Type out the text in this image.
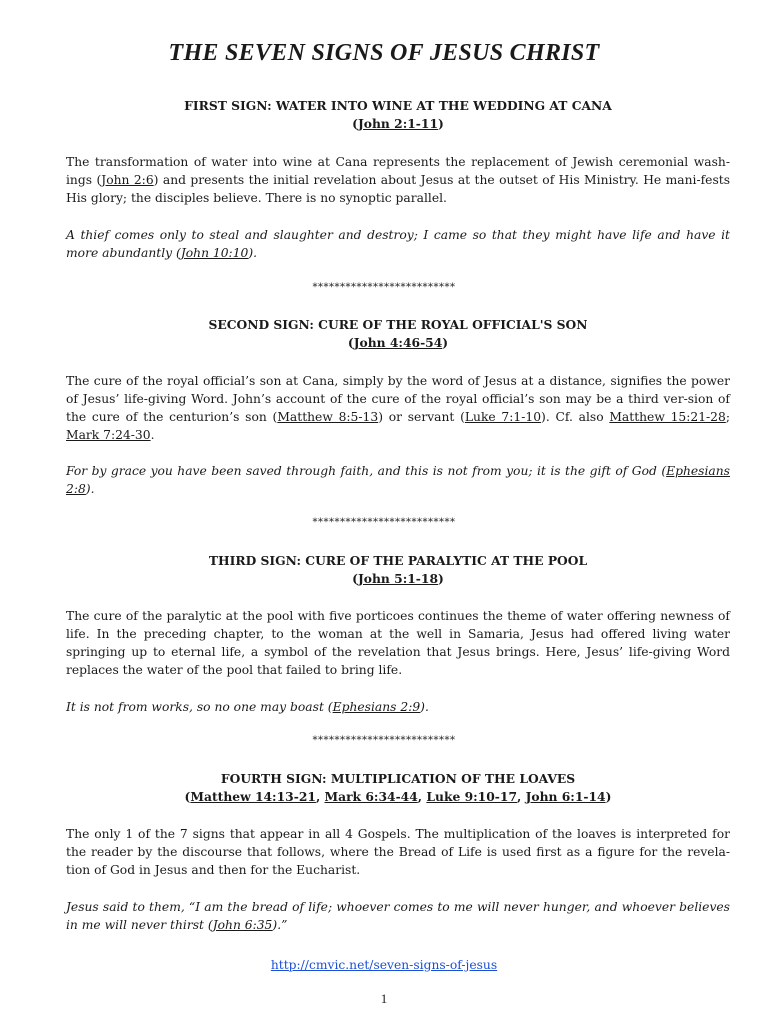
THE SEVEN SIGNS OF JESUS CHRIST
FIRST SIGN: WATER INTO WINE AT THE WEDDING AT CANA
(John 2:1-11)
The transformation of water into wine at Cana represents the replacement of Jewish ceremonial wash-ings (John 2:6) and presents the initial revelation about Jesus at the outset of His Ministry. He mani-fests His glory; the disciples believe. There is no synoptic parallel.
A thief comes only to steal and slaughter and destroy; I came so that they might have life and have it more abundantly (John 10:10).
**************************
SECOND SIGN: CURE OF THE ROYAL OFFICIAL'S SON
(John 4:46-54)
The cure of the royal official’s son at Cana, simply by the word of Jesus at a distance, signifies the power of Jesus’ life-giving Word. John’s account of the cure of the royal official’s son may be a third ver-sion of the cure of the centurion’s son (Matthew 8:5-13) or servant (Luke 7:1-10). Cf. also Matthew 15:21-28; Mark 7:24-30.
For by grace you have been saved through faith, and this is not from you; it is the gift of God (Ephesians 2:8).
**************************
THIRD SIGN: CURE OF THE PARALYTIC AT THE POOL
(John 5:1-18)
The cure of the paralytic at the pool with five porticoes continues the theme of water offering newness of life. In the preceding chapter, to the woman at the well in Samaria, Jesus had offered living water springing up to eternal life, a symbol of the revelation that Jesus brings. Here, Jesus’ life-giving Word replaces the water of the pool that failed to bring life.
It is not from works, so no one may boast (Ephesians 2:9).
**************************
FOURTH SIGN: MULTIPLICATION OF THE LOAVES
(Matthew 14:13-21, Mark 6:34-44, Luke 9:10-17, John 6:1-14)
The only 1 of the 7 signs that appear in all 4 Gospels. The multiplication of the loaves is interpreted for the reader by the discourse that follows, where the Bread of Life is used first as a figure for the revela-tion of God in Jesus and then for the Eucharist.
Jesus said to them, “I am the bread of life; whoever comes to me will never hunger, and whoever believes in me will never thirst (John 6:35).”
http://cmvic.net/seven-signs-of-jesus
1
